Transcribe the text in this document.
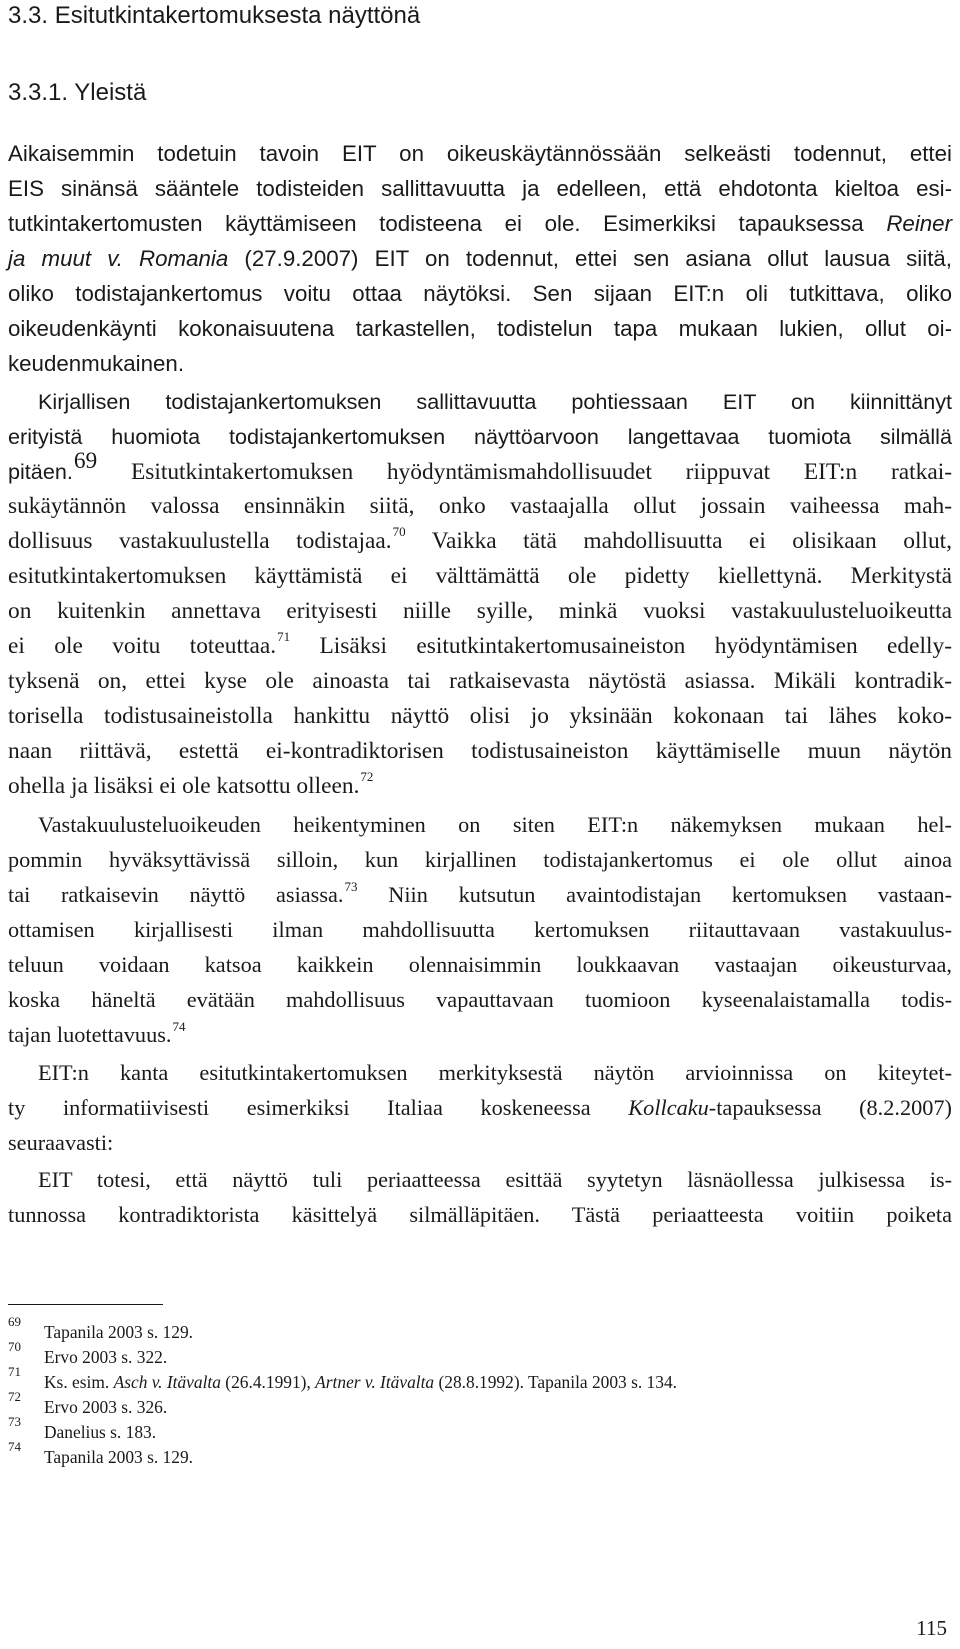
3.3. Esitutkintakertomuksesta näyttönä
3.3.1. Yleistä
Aikaisemmin todetuin tavoin EIT on oikeuskäytännössään selkeästi todennut, ettei
EIS sinänsä sääntele todisteiden sallittavuutta ja edelleen, että ehdotonta kieltoa esi-
tutkintakertomusten käyttämiseen todisteena ei ole. Esimerkiksi tapauksessa Reiner
ja muut v. Romania (27.9.2007) EIT on todennut, ettei sen asiana ollut lausua siitä,
oliko todistajankertomus voitu ottaa näytöksi. Sen sijaan EIT:n oli tutkittava, oliko
oikeudenkäynti kokonaisuutena tarkastellen, todistelun tapa mukaan lukien, ollut oi-
keudenmukainen.
Kirjallisen todistajankertomuksen sallittavuutta pohtiessaan EIT on kiinnittänyt
erityistä huomiota todistajankertomuksen näyttöarvoon langettavaa tuomiota silmällä
pitäen.$^{69}$ Esitutkintakertomuksen hyödyntämismahdollisuudet riippuvat EIT:n ratkai-
sukäytännön valossa ensinnäkin siitä, onko vastaajalla ollut jossain vaiheessa mah-
dollisuus vastakuulustella todistajaa.$^{70}$ Vaikka tätä mahdollisuutta ei olisikaan ollut,
esitutkintakertomuksen käyttämistä ei välttämättä ole pidetty kiellettynä. Merkitystä
on kuitenkin annettava erityisesti niille syille, minkä vuoksi vastakuulusteluoikeutta
ei ole voitu toteuttaa.$^{71}$ Lisäksi esitutkintakertomusaineiston hyödyntämisen edelly-
tyksenä on, ettei kyse ole ainoasta tai ratkaisevasta näytöstä asiassa. Mikäli kontradik-
torisella todistusaineistolla hankittu näyttö olisi jo yksinään kokonaan tai lähes koko-
naan riittävä, estettä ei-kontradiktorisen todistusaineiston käyttämiselle muun näytön
ohella ja lisäksi ei ole katsottu olleen.$^{72}$
Vastakuulusteluoikeuden heikentyminen on siten EIT:n näkemyksen mukaan hel-
pommin hyväksyttävissä silloin, kun kirjallinen todistajankertomus ei ole ollut ainoa
tai ratkaisevin näyttö asiassa.$^{73}$ Niin kutsutun avaintodistajan kertomuksen vastaan-
ottamisen kirjallisesti ilman mahdollisuutta kertomuksen riitauttavaan vastakuulus-
teluun voidaan katsoa kaikkein olennaisimmin loukkaavan vastaajan oikeusturvaa,
koska häneltä evätään mahdollisuus vapauttavaan tuomioon kyseenalaistamalla todis-
tajan luotettavuus.$^{74}$
EIT:n kanta esitutkintakertomuksen merkityksestä näytön arvioinnissa on kiteytet-
ty informatiivisesti esimerkiksi Italiaa koskeneessa Kollcaku-tapauksessa (8.2.2007)
seuraavasti:
EIT totesi, että näyttö tuli periaatteessa esittää syytetyn läsnäollessa julkisessa is-
tunnossa kontradiktorista käsittelyä silmälläpitäen. Tästä periaatteesta voitiin poiketa
69
Tapanila 2003 s. 129.
70
Ervo 2003 s. 322.
71
Ks. esim. Asch v. Itävalta (26.4.1991), Artner v. Itävalta (28.8.1992). Tapanila 2003 s. 134.
72
Ervo 2003 s. 326.
73
Danelius s. 183.
74
Tapanila 2003 s. 129.
115
